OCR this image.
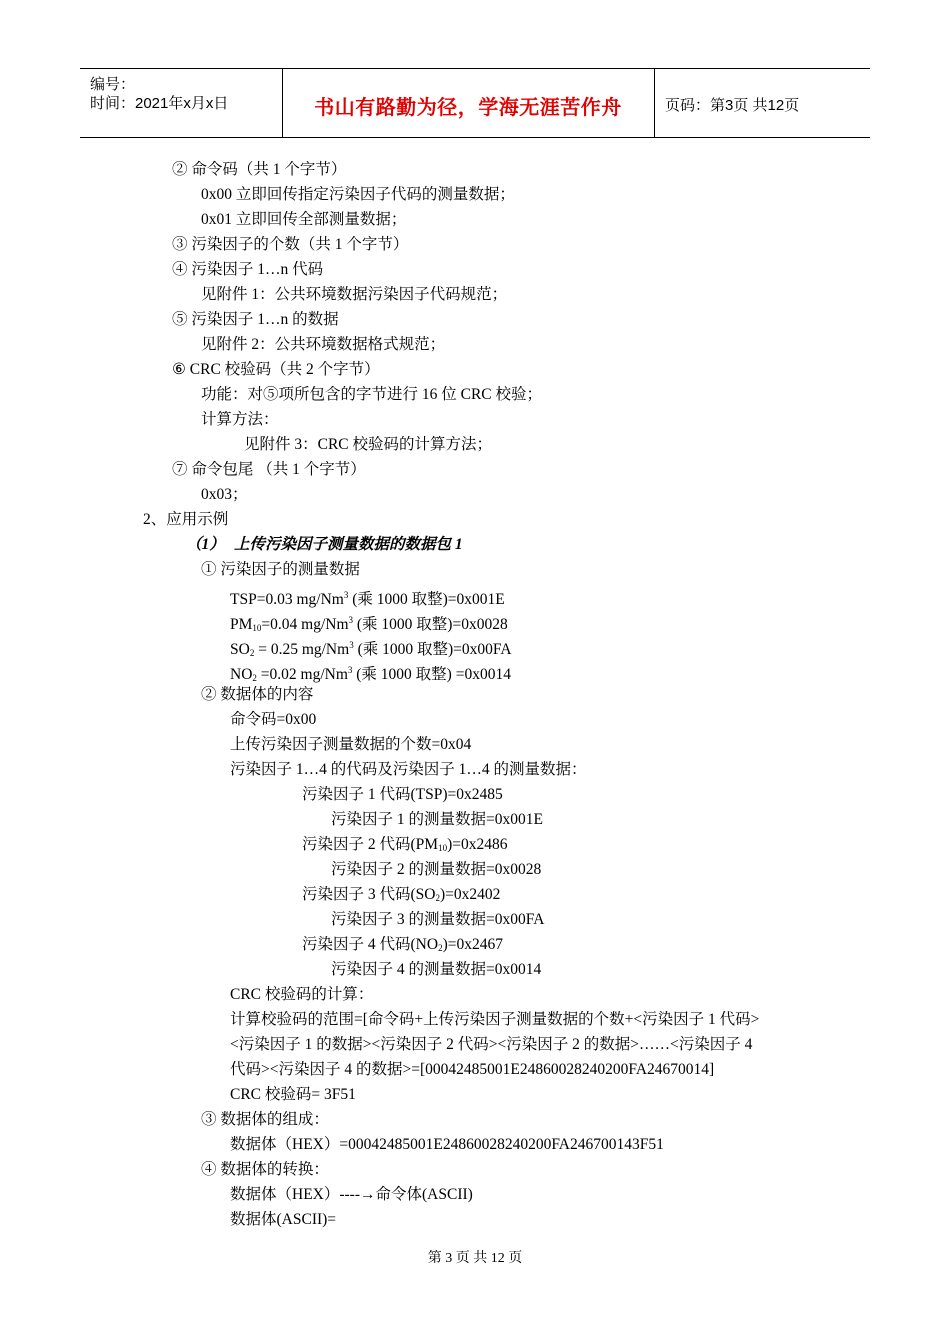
编号：
时间：2021年x月x日	书山有路勤为径，学海无涯苦作舟	页码：第3页 共12页
② 命令码（共 1 个字节）
0x00 立即回传指定污染因子代码的测量数据；
0x01 立即回传全部测量数据；
③ 污染因子的个数（共 1 个字节）
④ 污染因子 1…n 代码
见附件 1：公共环境数据污染因子代码规范；
⑤ 污染因子 1…n 的数据
见附件 2：公共环境数据格式规范；
⑥ CRC 校验码（共 2 个字节）
功能：对⑤项所包含的字节进行 16 位 CRC 校验；
计算方法：
见附件 3：CRC 校验码的计算方法；
⑦ 命令包尾 （共 1 个字节）
0x03；
2、应用示例
（1） 上传污染因子测量数据的数据包 1
① 污染因子的测量数据
TSP=0.03 mg/Nm$^3$ (乘 1000 取整)=0x001E
$PM_{10}=0.04$ mg/Nm$^3$ (乘 1000 取整)=0x0028
$SO_2 = 0.25$ mg/Nm$^3$ (乘 1000 取整)=0x00FA
$NO_2 =0.02$ mg/Nm$^3$ (乘 1000 取整) =0x0014
② 数据体的内容
命令码=0x00
上传污染因子测量数据的个数=0x04
污染因子 1…4 的代码及污染因子 1…4 的测量数据：
污染因子 1 代码(TSP)=0x2485
污染因子 1 的测量数据=0x001E
污染因子 2 代码$(PM_{10})=0x2486$
污染因子 2 的测量数据=0x0028
污染因子 3 代码$(SO_2)=0x2402$
污染因子 3 的测量数据=0x00FA
污染因子 4 代码$(NO_2)=0x2467$
污染因子 4 的测量数据=0x0014
CRC 校验码的计算：
计算校验码的范围=[命令码+上传污染因子测量数据的个数+<污染因子 1 代码>
<污染因子 1 的数据><污染因子 2 代码><污染因子 2 的数据>……<污染因子 4
代码><污染因子 4 的数据>=[00042485001E24860028240200FA24670014]
CRC 校验码= 3F51
③ 数据体的组成：
数据体（HEX）=00042485001E24860028240200FA246700143F51
④ 数据体的转换：
数据体（HEX）----→命令体(ASCII)
数据体(ASCII)=
第 3 页 共 12 页
